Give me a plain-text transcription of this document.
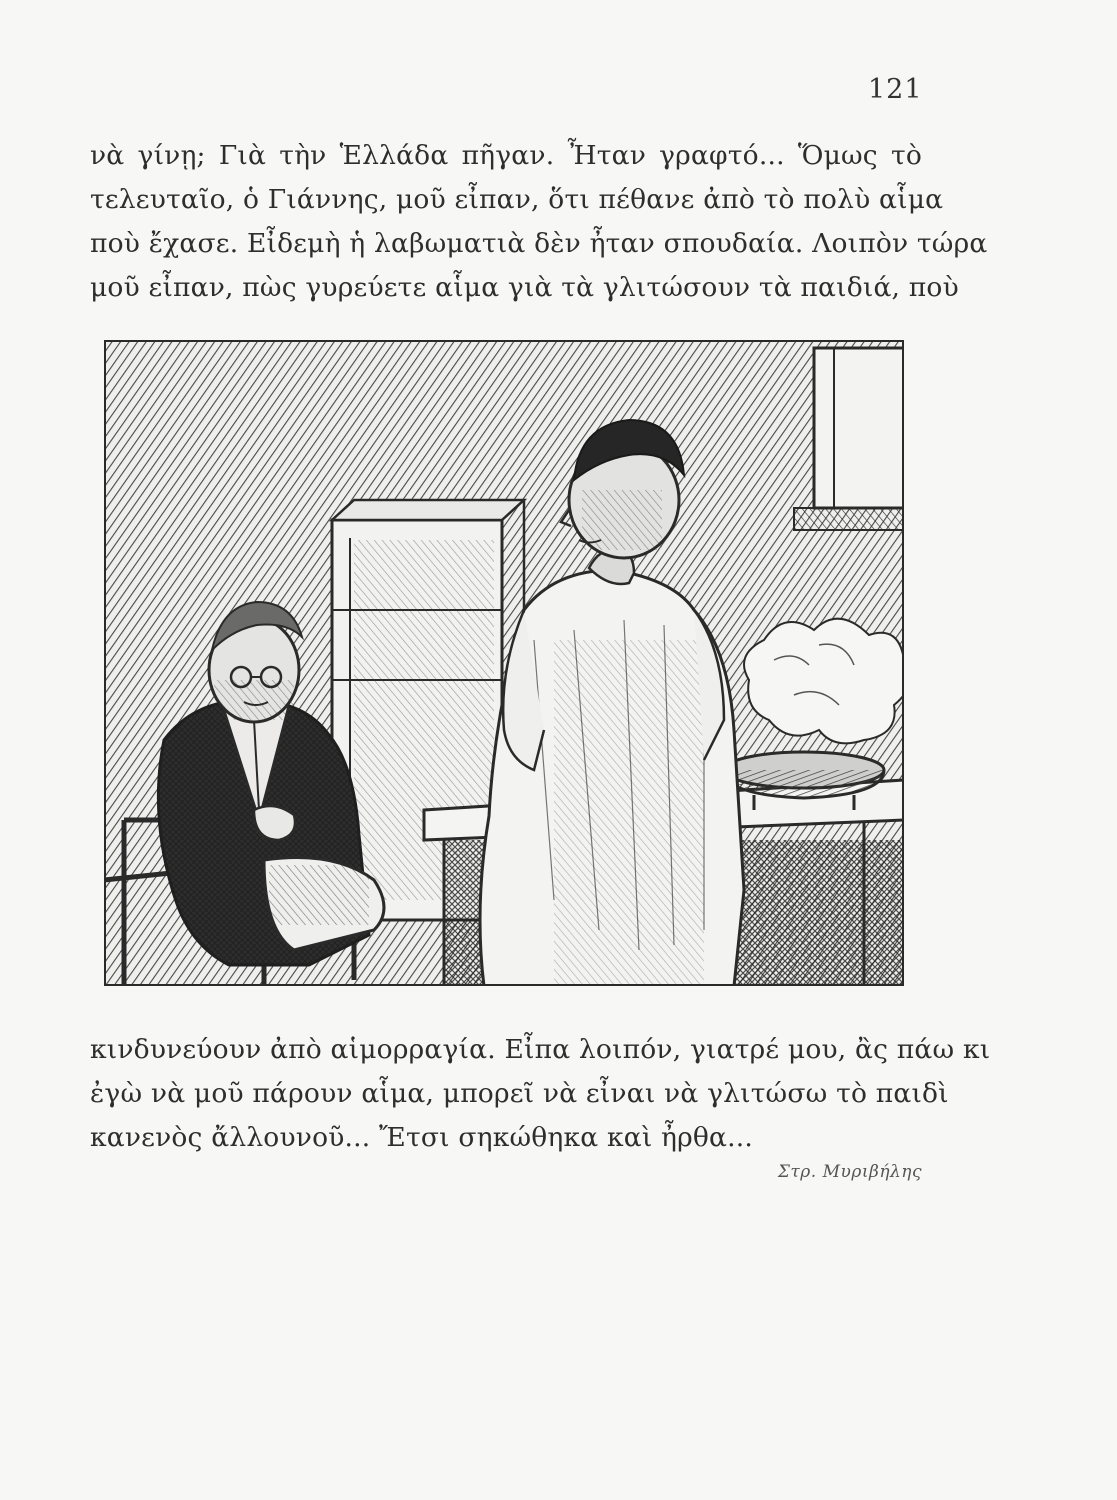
121
νὰ γίνῃ; Γιὰ τὴν Ἑλλάδα πῆγαν. Ἦταν γραφτό... Ὅμως τὸ
τελευταῖο, ὁ Γιάννης, μοῦ εἶπαν, ὅτι πέθανε ἀπὸ τὸ πολὺ αἷμα
ποὺ ἔχασε. Εἶδεμὴ ἡ λαβωματιὰ δὲν ἦταν σπουδαία. Λοιπὸν τώρα
μοῦ εἶπαν, πὼς γυρεύετε αἷμα γιὰ τὰ γλιτώσουν τὰ παιδιά, ποὺ
κινδυνεύουν ἀπὸ αἱμορραγία. Εἶπα λοιπόν, γιατρέ μου, ἂς πάω κι
ἐγὼ νὰ μοῦ πάρουν αἷμα, μπορεῖ νὰ εἶναι νὰ γλιτώσω τὸ παιδὶ
κανενὸς ἄλλουνοῦ... Ἔτσι σηκώθηκα καὶ ἦρθα...
Στρ. Μυριβήλης
